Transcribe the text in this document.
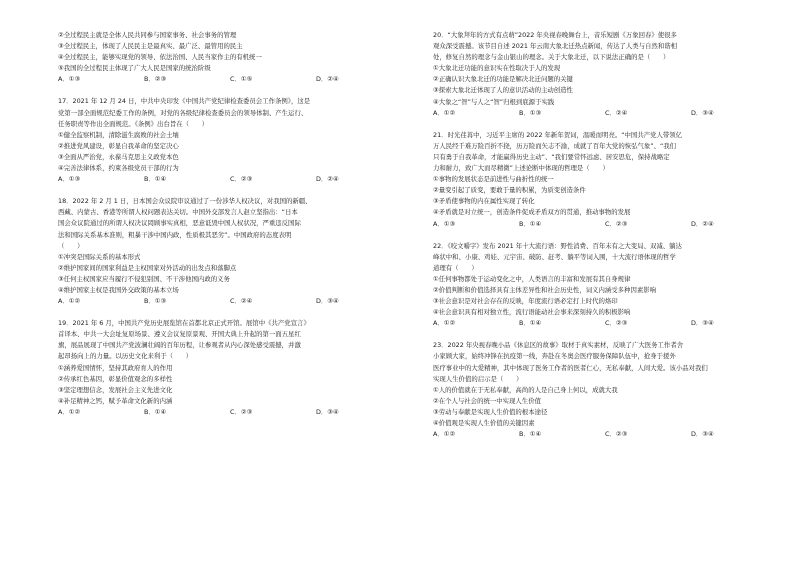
②全过程民主就是全体人民共同参与国家事务、社会事务的管理
③全过程民主，体现了人民民主是最真实、最广泛、最管用的民主
④全过程民主，能够实现党的领导、依法治国、人民当家作主的有机统一
⑤我国的全过程民主体现了广大人民是国家的统治阶级
A．①③	B．②③	C．①⑤	D．②④
17．2021 年 12 月 24 日，中共中央印发《中国共产党纪律检查委员会工作条例》，这是
党第一部全面规范纪委工作的条例，对党的各级纪律检查委员会的领导体制、产生运行、
任务职责等作出全面规范。《条例》出台旨在（　　）
①健全监察机制，清除滋生腐败的社会土壤
②推进党风建设，彰显自我革命的坚定决心
③全面从严治党，永葆马克思主义政党本色
④完善法律体系，约束各级党员干部的行为
A．①③	B．①④	C．②③	D．②④
18．2022 年 2 月 1 日，日本国会众议院审议通过了一份涉华人权决议，对我国的新疆、
西藏、内蒙古、香港等所谓人权问题表达关切。中国外交部发言人赵立坚指出：“日本
国会众议院通过的所谓人权决议罔顾事实真相，恶意诋毁中国人权状况，严重违反国际
法和国际关系基本准则，粗暴干涉中国内政，性质极其恶劣”。中国政府的态度表明
（　　）
①冲突是国际关系的基本形式
②维护国家间的国家利益是主权国家对外活动的出发点和落脚点
③任何主权国家应当履行不侵犯别国、不干涉他国内政的义务
④维护国家主权是我国外交政策的基本立场
A．①②	B．①③	C．②④	D．③④
19．2021 年 6 月，中国共产党历史展览馆在首都北京正式开馆。展馆中《共产党宣言》
首译本、中共一大会址复原场景、遵义会议复原景观、开国大典上升起的第一面五星红
旗，展品展现了中国共产党波澜壮阔的百年历程，让参观者从内心深处感受震撼，并激
起昂扬向上的力量。以历史文化来利于（　　）
①涵养爱国情怀，坚持其政府育人的作用
②传承红色基因，彰显价值观念的多样性
③坚定理想信念，发展社会主义先进文化
④补足精神之钙，赋予革命文化新的内涵
A．①②	B．①④	C．②③	D．③④
20．“大象拜年的方式有点萌”2022 年央视春晚舞台上，音乐短剧《万象回春》使很多
观众深受震撼。该节目自述 2021 年云南大象北迁热点新闻，传达了人类与自然和谐相
处，修复自然的理念与金山银山的理念。关于大象北迁，以下说法正确的是（　　）
①大象北迁功能的意识实在性取决于人的发现
②正确认识大象北迁的功能是解决北迁问题的关键
③探索大象北迁体现了人的意识活动的主动创造性
④大象之“智”与人之“智”归根到底源于实践
A．①②	B．①③	C．②④	D．③④
21．时光荏苒中，习近平主席的 2022 年新年贺词，温暖而明亮。“中国共产党人带领亿
万人民经千难万险百折不挠，历万险而矢志不渝，成就了百年大党的恢弘气象”、“我们
只有勇于自我革命，才能赢得历史主动”、“我们要常怀远虑、居安思危，保持战略定
力和耐力，致广大而尽精微”上述论断中体现的哲理是（　　）
①事物的发展状态是前进性与曲折性的统一
②量变引起了质变，要敢于量的积累，为质变创造条件
③矛盾使事物的内在属性实现了转化
④矛盾就是对立统一，创造条件促成矛盾双方的贯通，推动事物的发展
A．①③	B．①④	C．②③	D．②④
22．《咬文嚼字》发布 2021 年十大流行语：野性消费、百年未有之大变局、双减、躺达
峰状中和、小康、鸡娃、元宇宙、破防、赶考、躺平等词入围，十大流行语体现的哲学
道理有（　　）
①任何事物都处于运动变化之中，人类语言的丰富和发展有其自身规律
②价值判断和价值选择具有主体差异性和社会历史性，词义内涵受多种因素影响
③社会意识是对社会存在的反映，年度流行语必定打上时代的烙印
④社会意识具有相对独立性，流行语能动社会事来深刻持久的积极影响
A．①②	B．①④	C．②③	D．③④
23．2022 年央视春晚小品《休息区的故事》取材于真实素材，反映了广大医务工作者舍
小家顾大家，始终冲锋在抗疫第一线，奔赴在冬奥会医疗服务保障队伍中，抢身于援外
医疗事业中的大爱精神，其中体现了医务工作者的医者仁心，无私奉献，人间大爱。该小品对我们
实现人生价值的启示是（　　）
①人的价值就在于无私奉献，高尚的人是自己身上何以，成就大我
②在个人与社会的统一中实现人生价值
③劳动与奉献是实现人生价值的根本途径
④价值观是实现人生价值的关键因素
A．①②	B．①④	C．②③	D．③④
